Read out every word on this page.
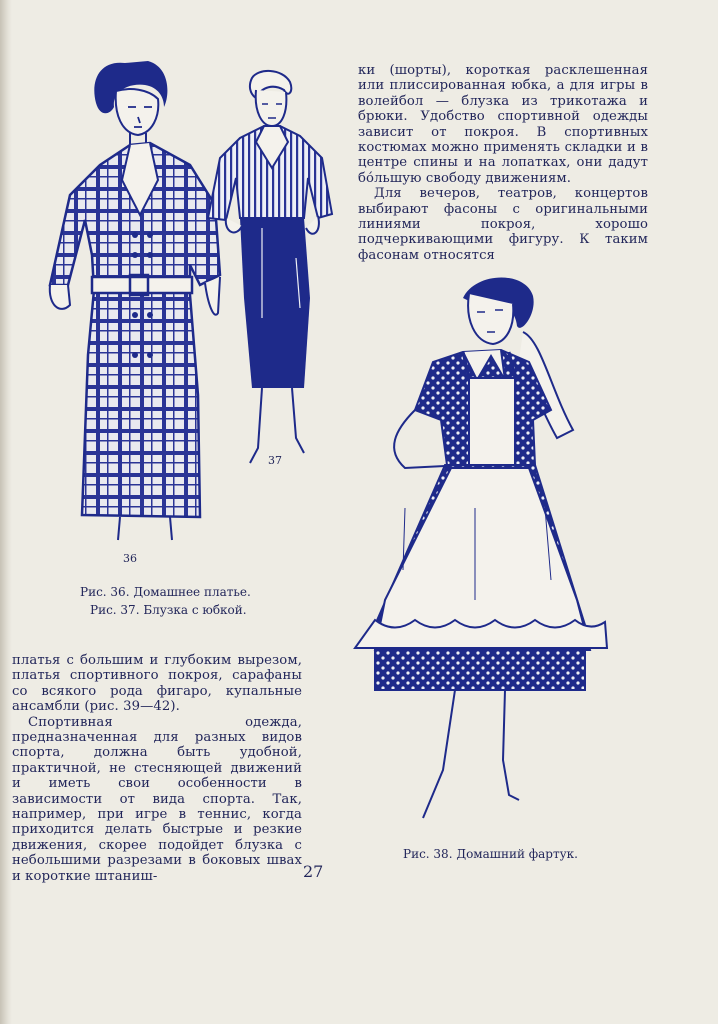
37
36
Рис. 36. Домашнее платье.
Рис. 37. Блузка с юбкой.

ки (шорты), короткая расклешенная или плиссированная юбка, а для игры в волейбол — блузка из трикотажа и брюки. Удобство спортивной одежды зависит от покроя. В спортивных костюмах можно применять складки и в центре спины и на лопатках, они дадут бо́льшую свободу движениям.

Для вечеров, театров, концертов выбирают фасоны с оригинальными линиями покроя, хорошо подчеркивающими фигуру. К таким фасонам относятся

Рис. 38. Домашний фартук.

платья с большим и глубоким вырезом, платья спортивного покроя, сарафаны со всякого рода фигаро, купальные ансамбли (рис. 39—42).

Спортивная одежда, предназначенная для разных видов спорта, должна быть удобной, практичной, не стесняющей движений и иметь свои особенности в зависимости от вида спорта. Так, например, при игре в теннис, когда приходится делать быстрые и резкие движения, скорее подойдет блузка с небольшими разрезами в боковых швах и короткие штаниш-	27
